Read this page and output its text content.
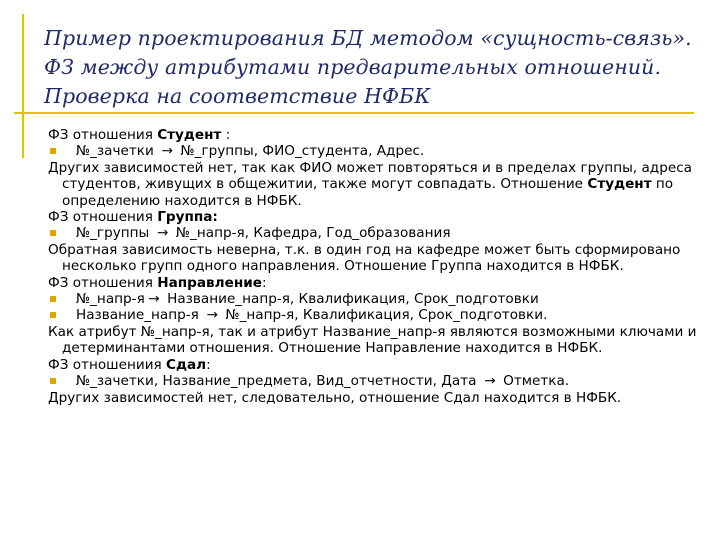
Пример проектирования БД методом «сущность-связь».
ФЗ между атрибутами предварительных отношений.
Проверка на соответствие НФБК
ФЗ отношения Студент :
№_зачетки → №_группы, ФИО_студента, Адрес.
Других зависимостей нет, так как ФИО может повторяться и в пределах группы, адреса студентов, живущих в общежитии, также могут совпадать. Отношение Студент по определению находится в НФБК.
ФЗ отношения Группа:
№_группы → №_напр-я, Кафедра, Год_образования
Обратная зависимость неверна, т.к. в один год на кафедре может быть сформировано несколько групп одного направления. Отношение Группа находится в НФБК.
ФЗ отношения Направление:
№_напр-я → Название_напр-я, Квалификация, Срок_подготовки
Название_напр-я → №_напр-я, Квалификация, Срок_подготовки.
Как атрибут №_напр-я, так и атрибут Название_напр-я являются возможными ключами и детерминантами отношения. Отношение Направление находится в НФБК.
ФЗ отношениия Сдал:
№_зачетки, Название_предмета, Вид_отчетности, Дата → Отметка.
Других зависимостей нет, следовательно, отношение Сдал находится в НФБК.
